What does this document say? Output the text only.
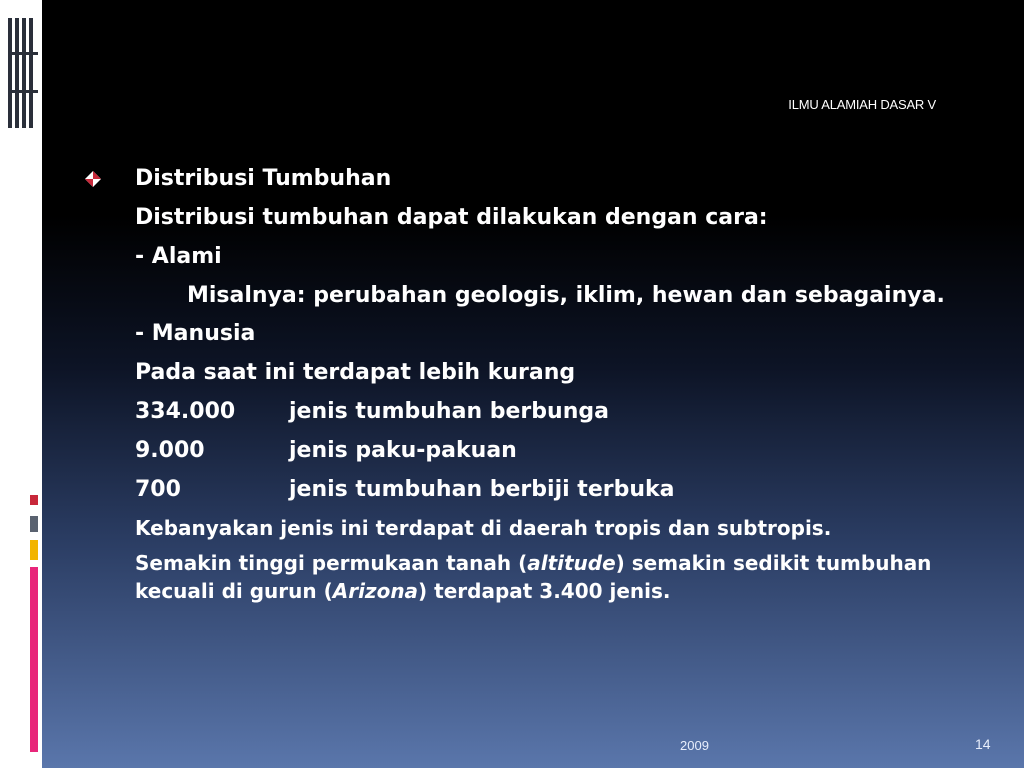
ILMU ALAMIAH DASAR V
Distribusi Tumbuhan
Distribusi tumbuhan dapat dilakukan dengan cara:
- Alami
Misalnya: perubahan geologis, iklim, hewan dan sebagainya.
- Manusia
Pada saat ini terdapat lebih kurang
334.000	jenis tumbuhan berbunga
9.000	jenis paku-pakuan
700	jenis tumbuhan berbiji terbuka
Kebanyakan jenis ini terdapat di daerah tropis dan subtropis.
Semakin tinggi permukaan tanah (altitude) semakin sedikit tumbuhan kecuali di gurun (Arizona) terdapat 3.400 jenis.
2009	14
